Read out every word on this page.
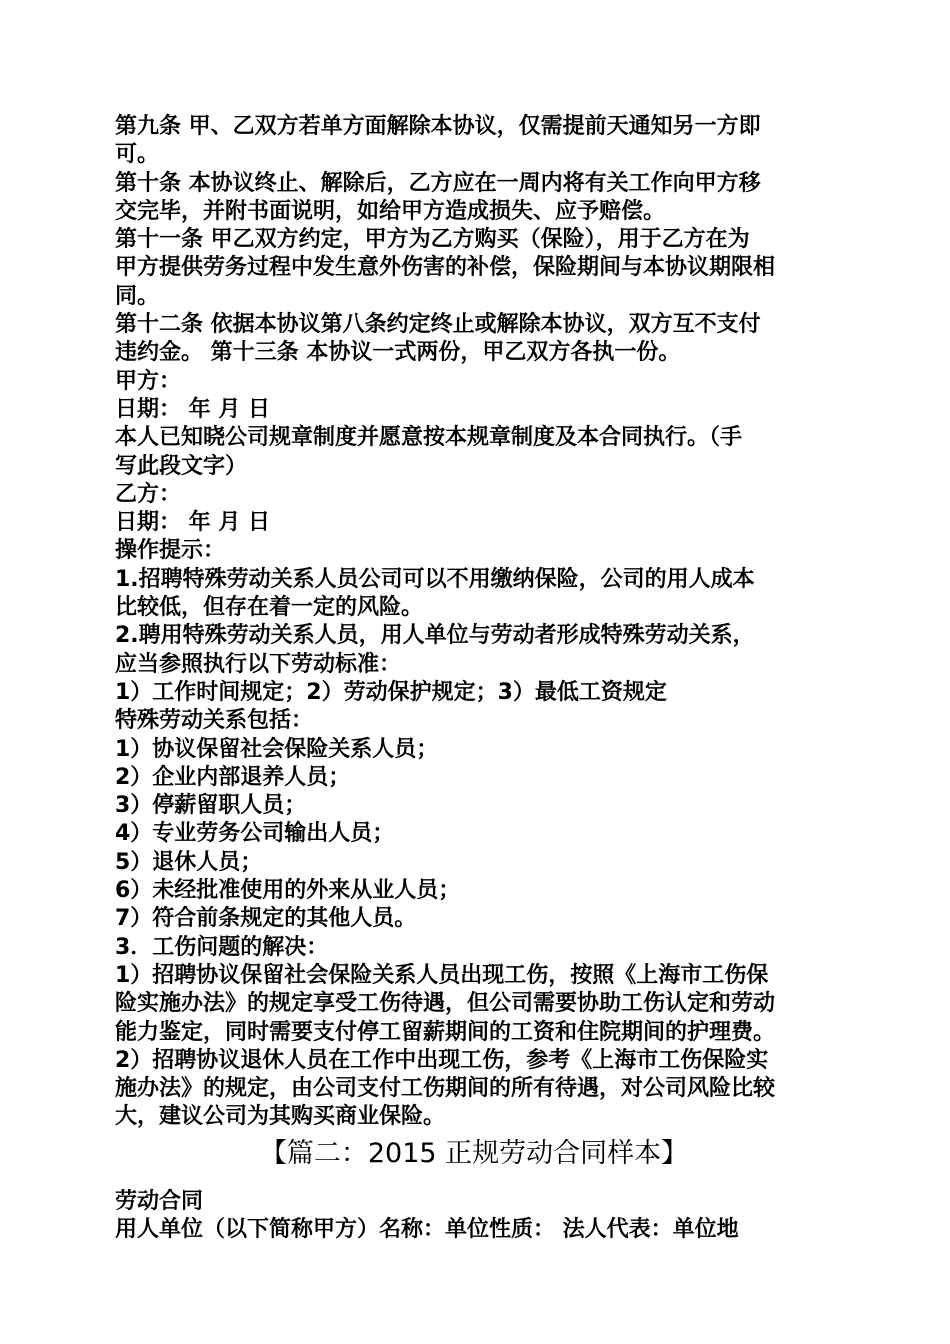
第九条 甲、乙双方若单方面解除本协议，仅需提前天通知另一方即

可。

第十条 本协议终止、解除后，乙方应在一周内将有关工作向甲方移

交完毕，并附书面说明，如给甲方造成损失、应予赔偿。

第十一条 甲乙双方约定，甲方为乙方购买（保险），用于乙方在为

甲方提供劳务过程中发生意外伤害的补偿，保险期间与本协议期限相

同。

第十二条 依据本协议第八条约定终止或解除本协议，双方互不支付

违约金。 第十三条 本协议一式两份，甲乙双方各执一份。

甲方：

日期： 年 月 日

本人已知晓公司规章制度并愿意按本规章制度及本合同执行。（手

写此段文字）

乙方：

日期： 年 月 日

操作提示：

1.招聘特殊劳动关系人员公司可以不用缴纳保险，公司的用人成本

比较低，但存在着一定的风险。

2.聘用特殊劳动关系人员，用人单位与劳动者形成特殊劳动关系，

应当参照执行以下劳动标准：

1）工作时间规定；2）劳动保护规定；3）最低工资规定

特殊劳动关系包括：

1）协议保留社会保险关系人员；

2）企业内部退养人员；

3）停薪留职人员；

4）专业劳务公司输出人员；

5）退休人员；

6）未经批准使用的外来从业人员；

7）符合前条规定的其他人员。

3．工伤问题的解决：

1）招聘协议保留社会保险关系人员出现工伤，按照《上海市工伤保

险实施办法》的规定享受工伤待遇，但公司需要协助工伤认定和劳动

能力鉴定，同时需要支付停工留薪期间的工资和住院期间的护理费。

2）招聘协议退休人员在工作中出现工伤，参考《上海市工伤保险实

施办法》的规定，由公司支付工伤期间的所有待遇，对公司风险比较

大，建议公司为其购买商业保险。

【篇二：2015 正规劳动合同样本】

劳动合同

用人单位（以下简称甲方）名称：单位性质： 法人代表：单位地
